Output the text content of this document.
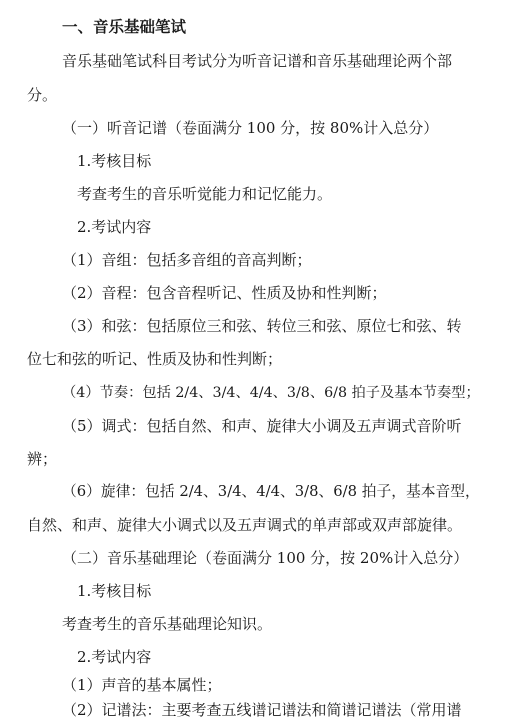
一、音乐基础笔试
音乐基础笔试科目考试分为听音记谱和音乐基础理论两个部
分。
（一）听音记谱（卷面满分 100 分，按 80%计入总分）
1.考核目标
考查考生的音乐听觉能力和记忆能力。
2.考试内容
（1）音组：包括多音组的音高判断；
（2）音程：包含音程听记、性质及协和性判断；
（3）和弦：包括原位三和弦、转位三和弦、原位七和弦、转
位七和弦的听记、性质及协和性判断；
（4）节奏：包括 2/4、3/4、4/4、3/8、6/8 拍子及基本节奏型；
（5）调式：包括自然、和声、旋律大小调及五声调式音阶听
辨；
（6）旋律：包括 2/4、3/4、4/4、3/8、6/8 拍子，基本音型，
自然、和声、旋律大小调式以及五声调式的单声部或双声部旋律。
（二）音乐基础理论（卷面满分 100 分，按 20%计入总分）
1.考核目标
考查考生的音乐基础理论知识。
2.考试内容
（1）声音的基本属性；
（2）记谱法：主要考查五线谱记谱法和简谱记谱法（常用谱
